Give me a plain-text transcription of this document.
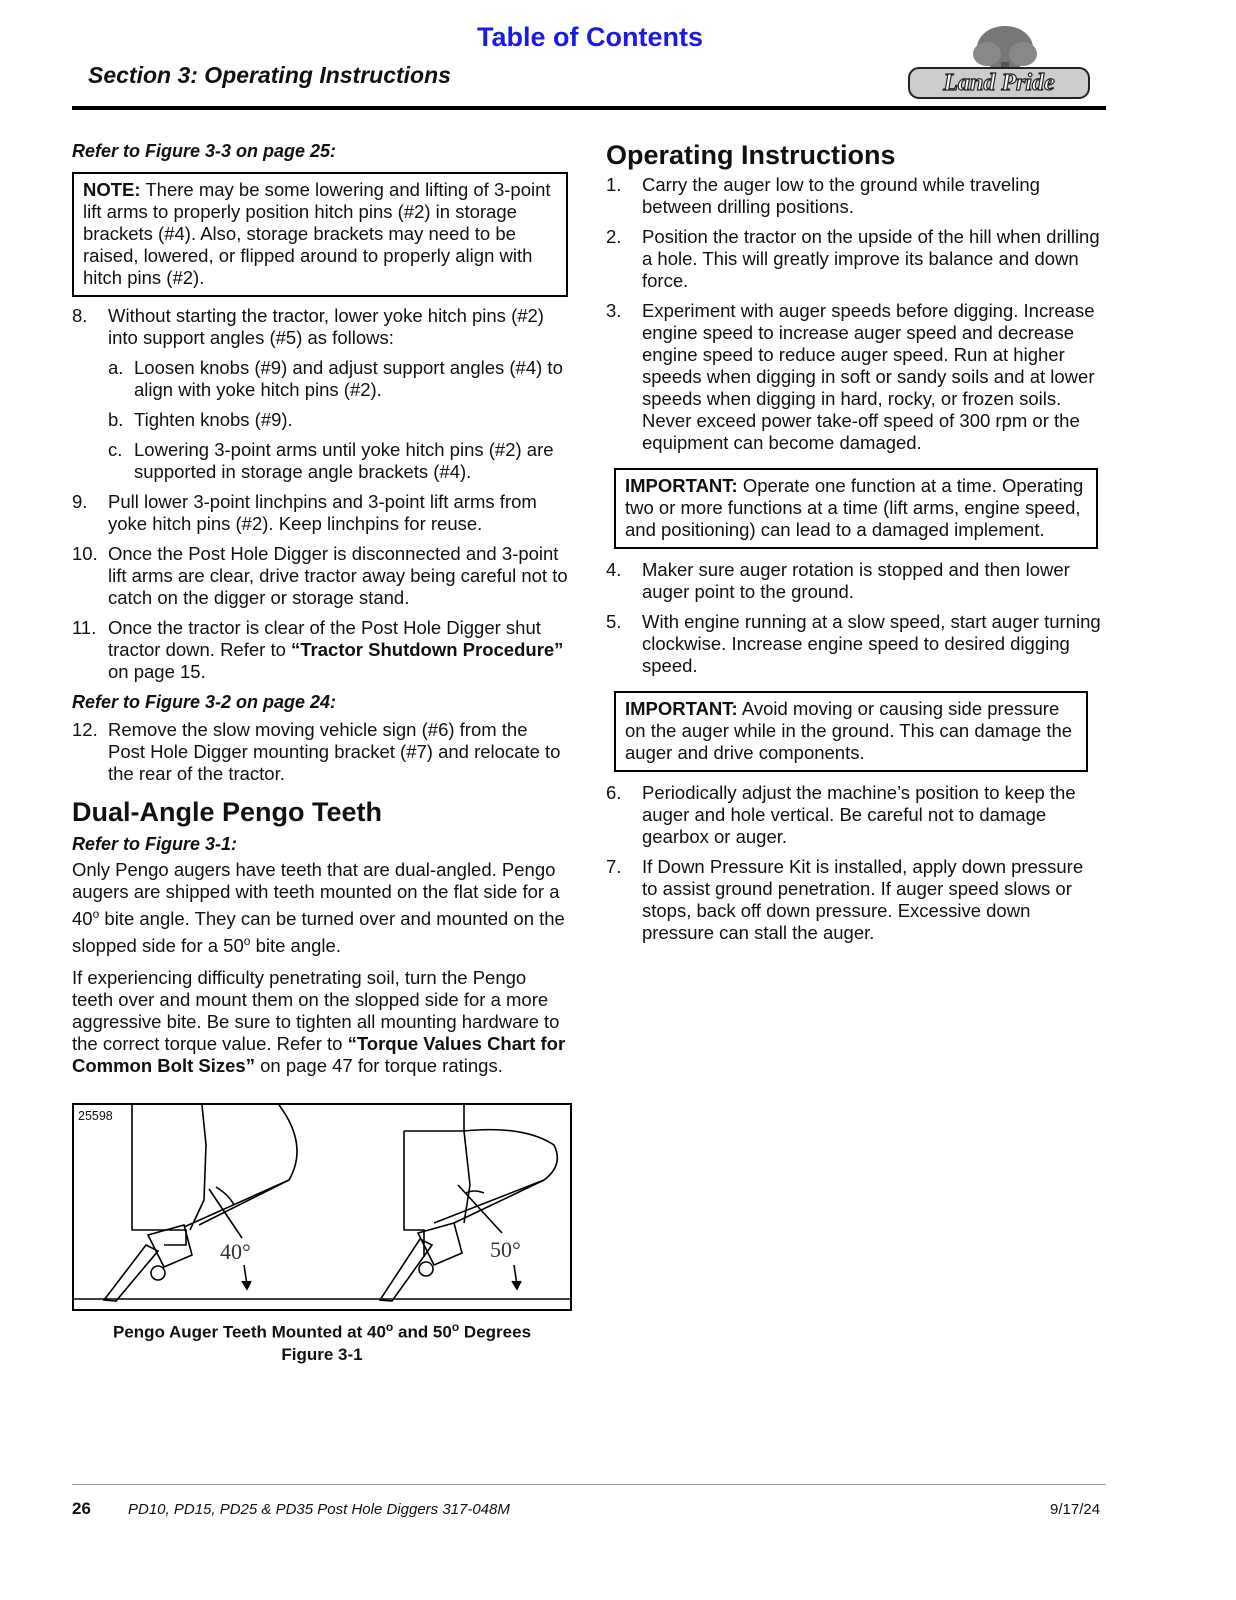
Table of Contents
Section 3: Operating Instructions	Land Pride
Refer to Figure 3-3 on page 25:
NOTE: There may be some lowering and lifting of 3-point lift arms to properly position hitch pins (#2) in storage brackets (#4). Also, storage brackets may need to be raised, lowered, or flipped around to properly align with hitch pins (#2).
8. Without starting the tractor, lower yoke hitch pins (#2) into support angles (#5) as follows:
a. Loosen knobs (#9) and adjust support angles (#4) to align with yoke hitch pins (#2).
b. Tighten knobs (#9).
c. Lowering 3-point arms until yoke hitch pins (#2) are supported in storage angle brackets (#4).
9. Pull lower 3-point linchpins and 3-point lift arms from yoke hitch pins (#2). Keep linchpins for reuse.
10. Once the Post Hole Digger is disconnected and 3-point lift arms are clear, drive tractor away being careful not to catch on the digger or storage stand.
11. Once the tractor is clear of the Post Hole Digger shut tractor down. Refer to “Tractor Shutdown Procedure” on page 15.
Refer to Figure 3-2 on page 24:
12. Remove the slow moving vehicle sign (#6) from the Post Hole Digger mounting bracket (#7) and relocate to the rear of the tractor.
Dual-Angle Pengo Teeth
Refer to Figure 3-1:
Only Pengo augers have teeth that are dual-angled. Pengo augers are shipped with teeth mounted on the flat side for a 40$^o$ bite angle. They can be turned over and mounted on the slopped side for a 50$^o$ bite angle.
If experiencing difficulty penetrating soil, turn the Pengo teeth over and mount them on the slopped side for a more aggressive bite. Be sure to tighten all mounting hardware to the correct torque value. Refer to “Torque Values Chart for Common Bolt Sizes” on page 47 for torque ratings.
25598
40°	50°
Pengo Auger Teeth Mounted at 40$^o$ and 50$^o$ Degrees
Figure 3-1
Operating Instructions
1. Carry the auger low to the ground while traveling between drilling positions.
2. Position the tractor on the upside of the hill when drilling a hole. This will greatly improve its balance and down force.
3. Experiment with auger speeds before digging. Increase engine speed to increase auger speed and decrease engine speed to reduce auger speed. Run at higher speeds when digging in soft or sandy soils and at lower speeds when digging in hard, rocky, or frozen soils. Never exceed power take-off speed of 300 rpm or the equipment can become damaged.
IMPORTANT: Operate one function at a time. Operating two or more functions at a time (lift arms, engine speed, and positioning) can lead to a damaged implement.
4. Maker sure auger rotation is stopped and then lower auger point to the ground.
5. With engine running at a slow speed, start auger turning clockwise. Increase engine speed to desired digging speed.
IMPORTANT: Avoid moving or causing side pressure on the auger while in the ground. This can damage the auger and drive components.
6. Periodically adjust the machine’s position to keep the auger and hole vertical. Be careful not to damage gearbox or auger.
7. If Down Pressure Kit is installed, apply down pressure to assist ground penetration. If auger speed slows or stops, back off down pressure. Excessive down pressure can stall the auger.
26 PD10, PD15, PD25 & PD35 Post Hole Diggers 317-048M	9/17/24
